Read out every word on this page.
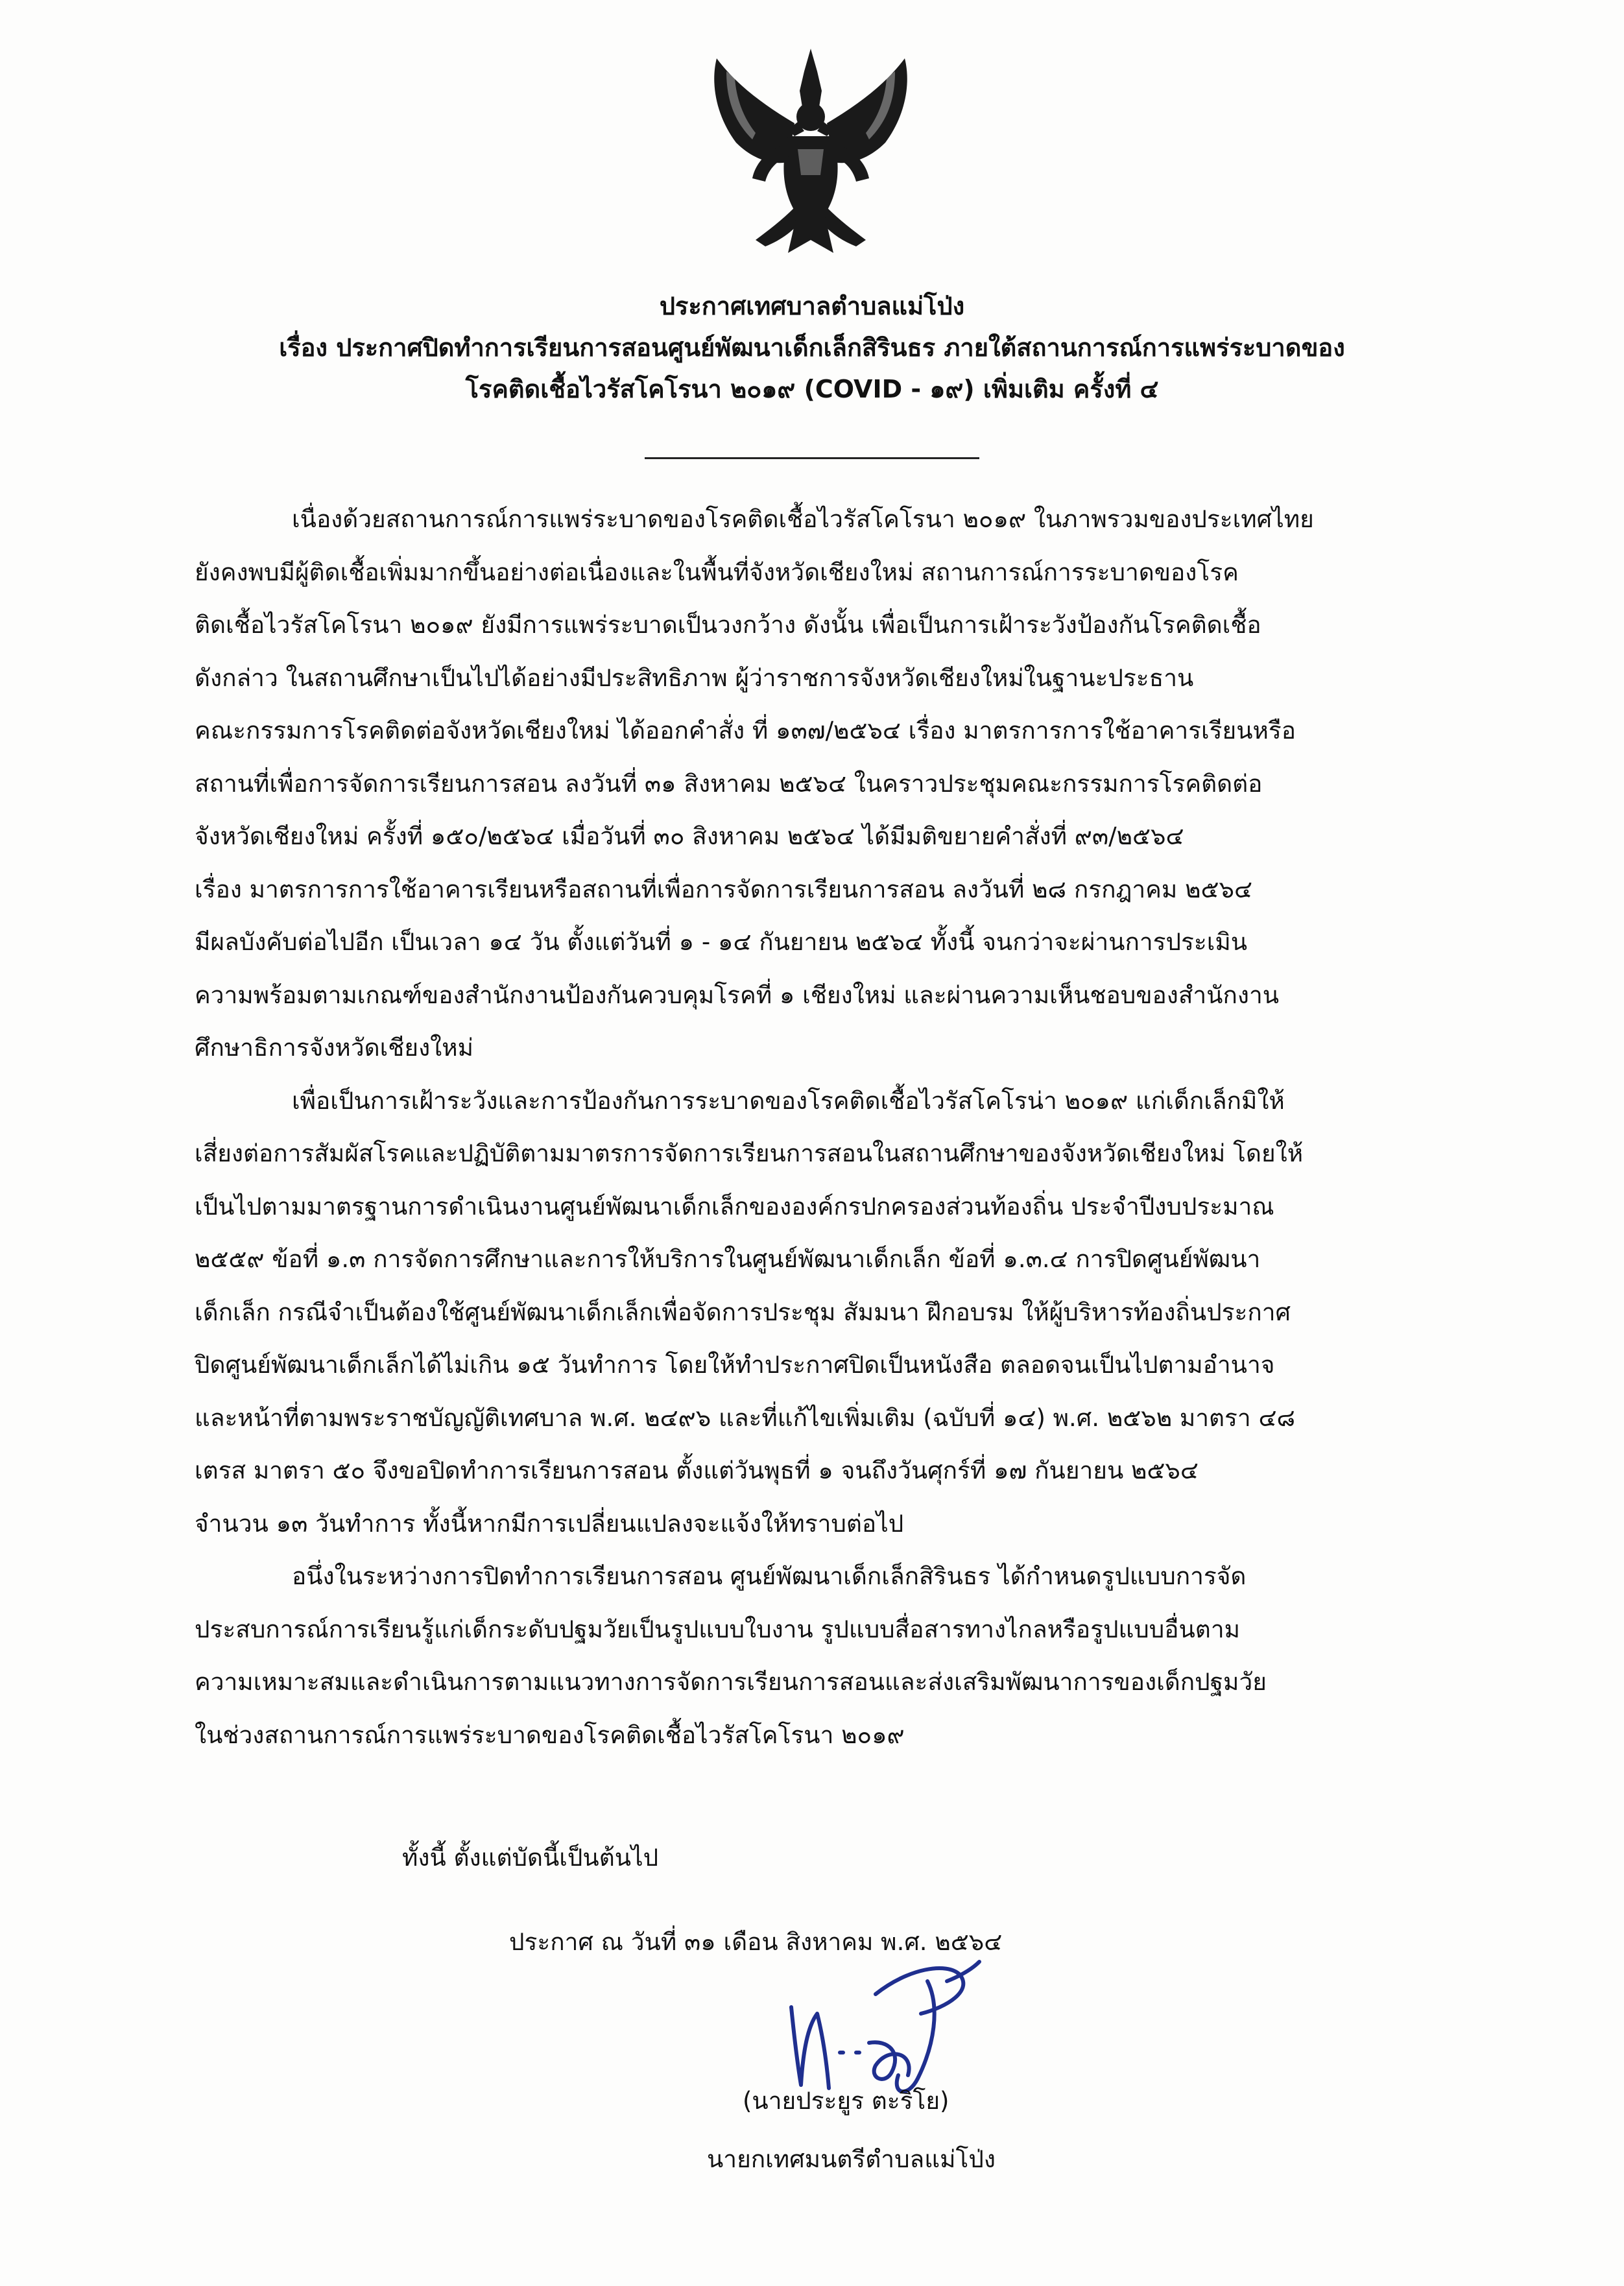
ประกาศเทศบาลตำบลแม่โป่ง
เรื่อง ประกาศปิดทำการเรียนการสอนศูนย์พัฒนาเด็กเล็กสิรินธร ภายใต้สถานการณ์การแพร่ระบาดของ
โรคติดเชื้อไวรัสโคโรนา ๒๐๑๙ (COVID - ๑๙) เพิ่มเติม ครั้งที่ ๔
เนื่องด้วยสถานการณ์การแพร่ระบาดของโรคติดเชื้อไวรัสโคโรนา ๒๐๑๙ ในภาพรวมของประเทศไทย
ยังคงพบมีผู้ติดเชื้อเพิ่มมากขึ้นอย่างต่อเนื่องและในพื้นที่จังหวัดเชียงใหม่ สถานการณ์การระบาดของโรค
ติดเชื้อไวรัสโคโรนา ๒๐๑๙ ยังมีการแพร่ระบาดเป็นวงกว้าง ดังนั้น เพื่อเป็นการเฝ้าระวังป้องกันโรคติดเชื้อ
ดังกล่าว ในสถานศึกษาเป็นไปได้อย่างมีประสิทธิภาพ ผู้ว่าราชการจังหวัดเชียงใหม่ในฐานะประธาน
คณะกรรมการโรคติดต่อจังหวัดเชียงใหม่ ได้ออกคำสั่ง ที่ ๑๓๗/๒๕๖๔ เรื่อง มาตรการการใช้อาคารเรียนหรือ
สถานที่เพื่อการจัดการเรียนการสอน ลงวันที่ ๓๑ สิงหาคม ๒๕๖๔ ในคราวประชุมคณะกรรมการโรคติดต่อ
จังหวัดเชียงใหม่ ครั้งที่ ๑๕๐/๒๕๖๔ เมื่อวันที่ ๓๐ สิงหาคม ๒๕๖๔ ได้มีมติขยายคำสั่งที่ ๙๓/๒๕๖๔
เรื่อง มาตรการการใช้อาคารเรียนหรือสถานที่เพื่อการจัดการเรียนการสอน ลงวันที่ ๒๘ กรกฎาคม ๒๕๖๔
มีผลบังคับต่อไปอีก เป็นเวลา ๑๔ วัน ตั้งแต่วันที่ ๑ - ๑๔ กันยายน ๒๕๖๔ ทั้งนี้ จนกว่าจะผ่านการประเมิน
ความพร้อมตามเกณฑ์ของสำนักงานป้องกันควบคุมโรคที่ ๑ เชียงใหม่ และผ่านความเห็นชอบของสำนักงาน
ศึกษาธิการจังหวัดเชียงใหม่
เพื่อเป็นการเฝ้าระวังและการป้องกันการระบาดของโรคติดเชื้อไวรัสโคโรน่า ๒๐๑๙ แก่เด็กเล็กมิให้
เสี่ยงต่อการสัมผัสโรคและปฏิบัติตามมาตรการจัดการเรียนการสอนในสถานศึกษาของจังหวัดเชียงใหม่ โดยให้
เป็นไปตามมาตรฐานการดำเนินงานศูนย์พัฒนาเด็กเล็กขององค์กรปกครองส่วนท้องถิ่น ประจำปีงบประมาณ
๒๕๕๙ ข้อที่ ๑.๓ การจัดการศึกษาและการให้บริการในศูนย์พัฒนาเด็กเล็ก ข้อที่ ๑.๓.๔ การปิดศูนย์พัฒนา
เด็กเล็ก กรณีจำเป็นต้องใช้ศูนย์พัฒนาเด็กเล็กเพื่อจัดการประชุม สัมมนา ฝึกอบรม ให้ผู้บริหารท้องถิ่นประกาศ
ปิดศูนย์พัฒนาเด็กเล็กได้ไม่เกิน ๑๕ วันทำการ โดยให้ทำประกาศปิดเป็นหนังสือ ตลอดจนเป็นไปตามอำนาจ
และหน้าที่ตามพระราชบัญญัติเทศบาล พ.ศ. ๒๔๙๖ และที่แก้ไขเพิ่มเติม (ฉบับที่ ๑๔) พ.ศ. ๒๕๖๒ มาตรา ๔๘
เตรส มาตรา ๕๐ จึงขอปิดทำการเรียนการสอน ตั้งแต่วันพุธที่ ๑ จนถึงวันศุกร์ที่ ๑๗ กันยายน ๒๕๖๔
จำนวน ๑๓ วันทำการ ทั้งนี้หากมีการเปลี่ยนแปลงจะแจ้งให้ทราบต่อไป
อนึ่งในระหว่างการปิดทำการเรียนการสอน ศูนย์พัฒนาเด็กเล็กสิรินธร ได้กำหนดรูปแบบการจัด
ประสบการณ์การเรียนรู้แก่เด็กระดับปฐมวัยเป็นรูปแบบใบงาน รูปแบบสื่อสารทางไกลหรือรูปแบบอื่นตาม
ความเหมาะสมและดำเนินการตามแนวทางการจัดการเรียนการสอนและส่งเสริมพัฒนาการของเด็กปฐมวัย
ในช่วงสถานการณ์การแพร่ระบาดของโรคติดเชื้อไวรัสโคโรนา ๒๐๑๙
ทั้งนี้ ตั้งแต่บัดนี้เป็นต้นไป
ประกาศ ณ วันที่ ๓๑ เดือน สิงหาคม พ.ศ. ๒๕๖๔
(นายประยูร ตะริโย)
นายกเทศมนตรีตำบลแม่โป่ง
